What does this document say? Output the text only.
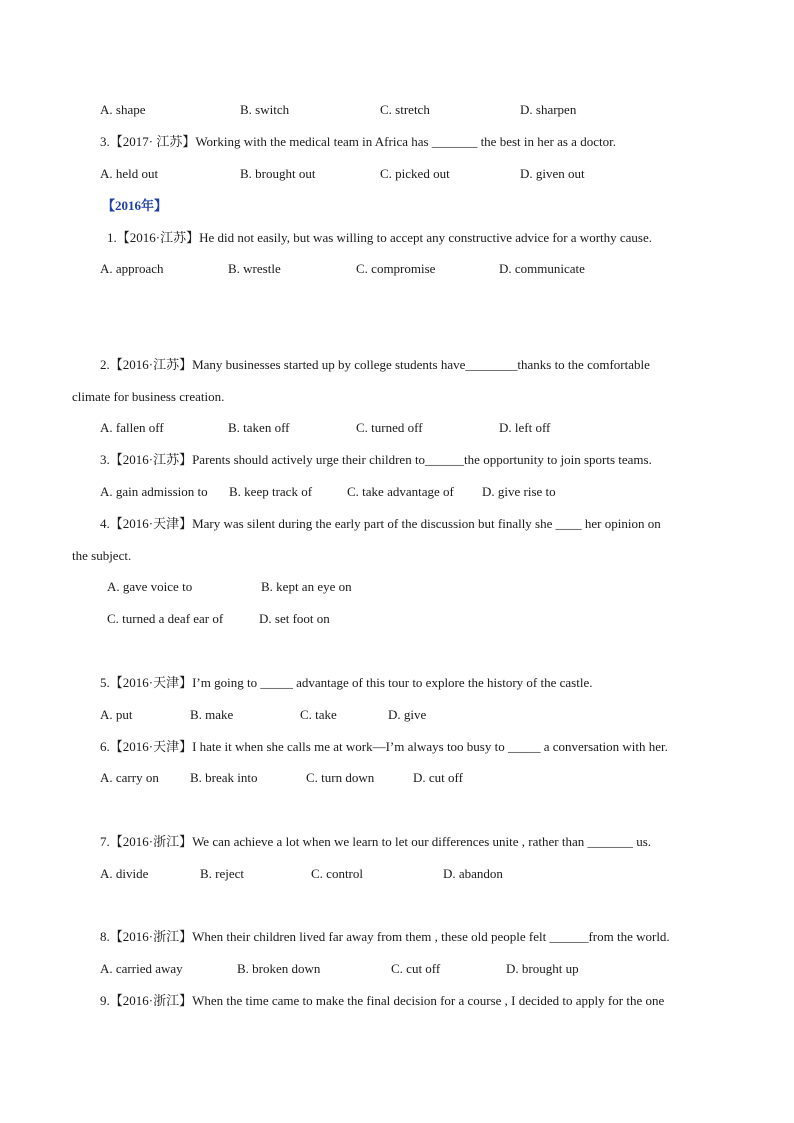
A. shape	B. switch	C. stretch	D. sharpen
3.【2017· 江苏】Working with the medical team in Africa has _______ the best in her as a doctor.
A. held out	B. brought out	C. picked out	D. given out
【2016年】
1.【2016·江苏】He did not easily, but was willing to accept any constructive advice for a worthy cause.
A. approach	B. wrestle	C. compromise	D. communicate
2.【2016·江苏】Many businesses started up by college students have________thanks to the comfortable
climate for business creation.
A. fallen off	B. taken off	C. turned off	D. left off
3.【2016·江苏】Parents should actively urge their children to______the opportunity to join sports teams.
A. gain admission to B. keep track of	C. take advantage of D. give rise to
4.【2016·天津】Mary was silent during the early part of the discussion but finally she ____ her opinion on
the subject.
A. gave voice to	B. kept an eye on
C. turned a deaf ear of	D. set foot on
5.【2016·天津】I’m going to _____ advantage of this tour to explore the history of the castle.
A. put	B. make	C. take	D. give
6.【2016·天津】I hate it when she calls me at work—I’m always too busy to _____ a conversation with her.
A. carry on B. break into	C. turn down	D. cut off
7.【2016·浙江】We can achieve a lot when we learn to let our differences unite , rather than _______ us.
A. divide	B. reject	C. control	D. abandon
8.【2016·浙江】When their children lived far away from them , these old people felt ______from the world.
A. carried away	B. broken down	C. cut off	D. brought up
9.【2016·浙江】When the time came to make the final decision for a course , I decided to apply for the one
